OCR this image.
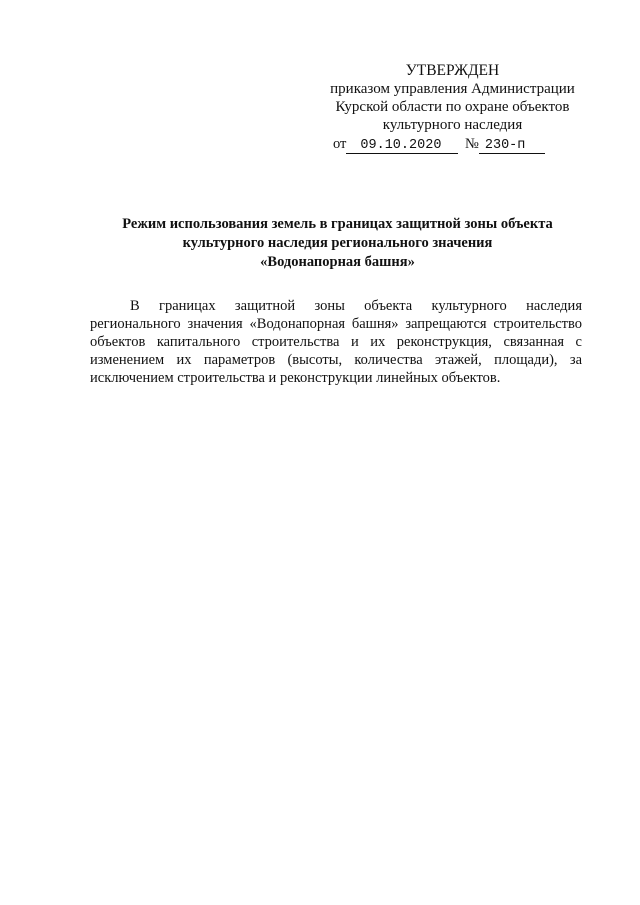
УТВЕРЖДЕН
приказом управления Администрации
Курской области по охране объектов
культурного наследия
от 09.10.2020 № 230-п
Режим использования земель в границах защитной зоны объекта
культурного наследия регионального значения
«Водонапорная башня»

В границах защитной зоны объекта культурного наследия регионального значения «Водонапорная башня» запрещаются строительство объектов капитального строительства и их реконструкция, связанная с изменением их параметров (высоты, количества этажей, площади), за исключением строительства и реконструкции линейных объектов.
